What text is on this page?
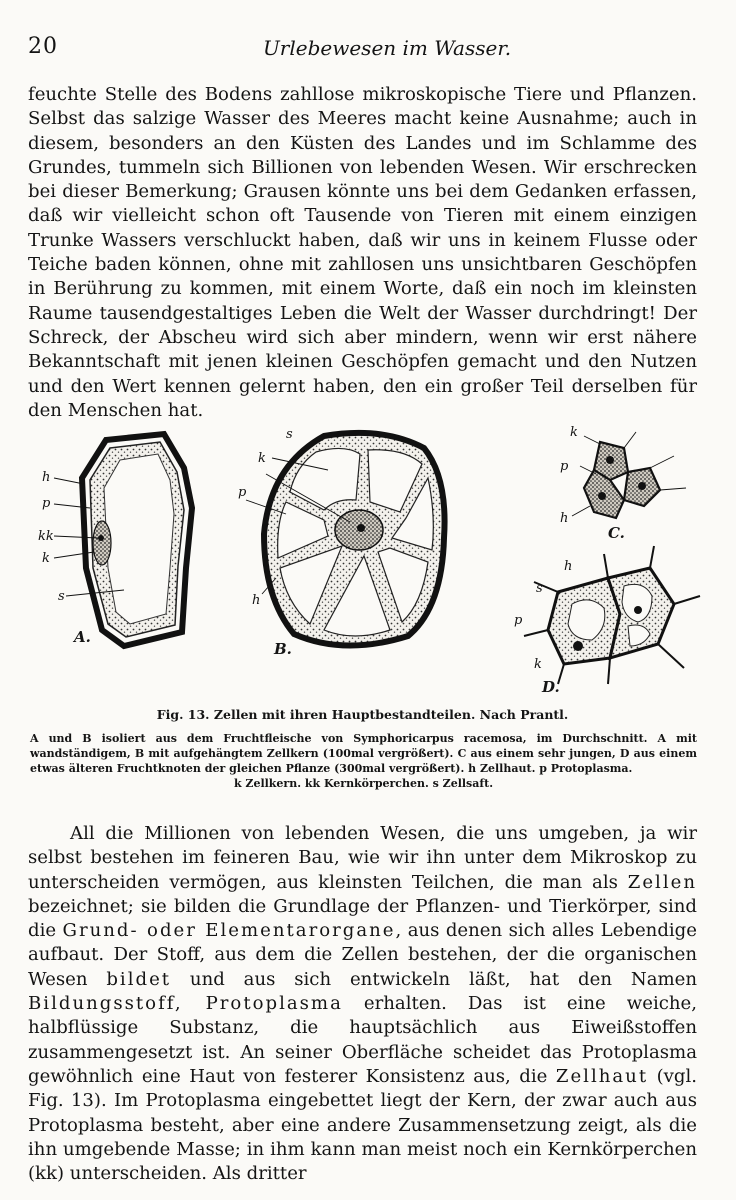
20	Urlebewesen im Wasser.

feuchte Stelle des Bodens zahllose mikroskopische Tiere und Pflanzen. Selbst das salzige Wasser des Meeres macht keine Ausnahme; auch in diesem, besonders an den Küsten des Landes und im Schlamme des Grundes, tummeln sich Billionen von lebenden Wesen. Wir erschrecken bei dieser Bemerkung; Grausen könnte uns bei dem Gedanken erfassen, daß wir vielleicht schon oft Tausende von Tieren mit einem einzigen Trunke Wassers verschluckt haben, daß wir uns in keinem Flusse oder Teiche baden können, ohne mit zahllosen uns unsichtbaren Geschöpfen in Berührung zu kommen, mit einem Worte, daß ein noch im kleinsten Raume tausendgestaltiges Leben die Welt der Wasser durchdringt! Der Schreck, der Abscheu wird sich aber mindern, wenn wir erst nähere Bekanntschaft mit jenen kleinen Geschöpfen gemacht und den Nutzen und den Wert kennen gelernt haben, den ein großer Teil derselben für den Menschen hat.

h
p
kk
k
s
A.
s
k
p
h
B.
k
p
h
C.
h
s
p
k
D.

Fig. 13. Zellen mit ihren Hauptbestandteilen. Nach Prantl.

A und B isoliert aus dem Fruchtfleische von Symphoricarpus racemosa, im Durchschnitt. A mit wandständigem, B mit aufgehängtem Zellkern (100mal vergrößert). C aus einem sehr jungen, D aus einem etwas älteren Fruchtknoten der gleichen Pflanze (300mal vergrößert). h Zellhaut. p Protoplasma.
k Zellkern. kk Kernkörperchen. s Zellsaft.

All die Millionen von lebenden Wesen, die uns umgeben, ja wir selbst bestehen im feineren Bau, wie wir ihn unter dem Mikroskop zu unterscheiden vermögen, aus kleinsten Teilchen, die man als Zellen bezeichnet; sie bilden die Grundlage der Pflanzen- und Tierkörper, sind die Grund- oder Elementarorgane, aus denen sich alles Lebendige aufbaut. Der Stoff, aus dem die Zellen bestehen, der die organischen Wesen bildet und aus sich entwickeln läßt, hat den Namen Bildungsstoff, Protoplasma erhalten. Das ist eine weiche, halbflüssige Substanz, die hauptsächlich aus Eiweißstoffen zusammengesetzt ist. An seiner Oberfläche scheidet das Protoplasma gewöhnlich eine Haut von festerer Konsistenz aus, die Zellhaut (vgl. Fig. 13). Im Protoplasma eingebettet liegt der Kern, der zwar auch aus Protoplasma besteht, aber eine andere Zusammensetzung zeigt, als die ihn umgebende Masse; in ihm kann man meist noch ein Kernkörperchen (kk) unterscheiden. Als dritter
